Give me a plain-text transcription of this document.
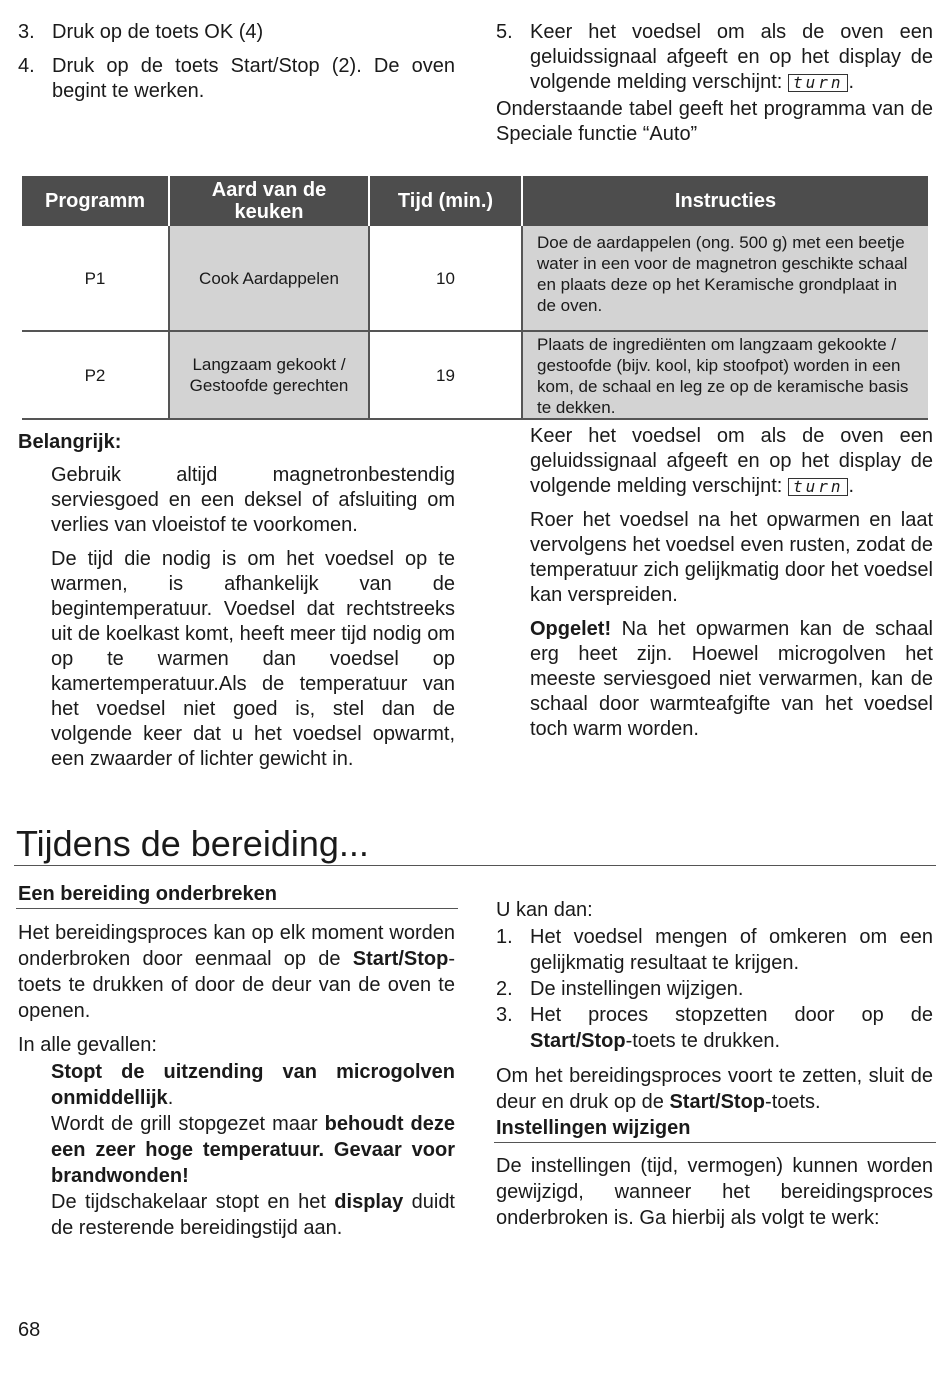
3. Druk op de toets OK (4)
4. Druk op de toets Start/Stop (2). De oven begint te werken.
5. Keer het voedsel om als de oven een geluidssignaal afgeeft en op het display de volgende melding verschijnt: turn .

Onderstaande tabel geeft het programma van de Speciale functie “Auto”

Programm	Aard van de keuken	Tijd (min.)	Instructies
P1	Cook Aardappelen	10	Doe de aardappelen (ong. 500 g) met een beetje water in een voor de magnetron geschikte schaal en plaats deze op het Keramische grondplaat in de oven.
P2	Langzaam gekookt / Gestoofde gerechten	19	Plaats de ingrediënten om langzaam gekookte / gestoofde (bijv. kool, kip stoofpot) worden in een kom, de schaal en leg ze op de keramische basis te dekken.

Belangrijk:

Gebruik altijd magnetronbestendig serviesgoed en een deksel of afsluiting om verlies van vloeistof te voorkomen.

De tijd die nodig is om het voedsel op te warmen, is afhankelijk van de begintemperatuur. Voedsel dat rechtstreeks uit de koelkast komt, heeft meer tijd nodig om op te warmen dan voedsel op kamertemperatuur.Als de temperatuur van het voedsel niet goed is, stel dan de volgende keer dat u het voedsel opwarmt, een zwaarder of lichter gewicht in.

Keer het voedsel om als de oven een geluidssignaal afgeeft en op het display de volgende melding verschijnt: turn .

Roer het voedsel na het opwarmen en laat vervolgens het voedsel even rusten, zodat de temperatuur zich gelijkmatig door het voedsel kan verspreiden.

Opgelet! Na het opwarmen kan de schaal erg heet zijn. Hoewel microgolven het meeste serviesgoed niet verwarmen, kan de schaal door warmteafgifte van het voedsel toch warm worden.

Tijdens de bereiding...

Een bereiding onderbreken

Het bereidingsproces kan op elk moment worden onderbroken door eenmaal op de Start/Stop-toets te drukken of door de deur van de oven te openen.

In alle gevallen:

Stopt de uitzending van microgolven onmiddellijk.

Wordt de grill stopgezet maar behoudt deze een zeer hoge temperatuur. Gevaar voor brandwonden!

De tijdschakelaar stopt en het display duidt de resterende bereidingstijd aan.

U kan dan:

1. Het voedsel mengen of omkeren om een gelijkmatig resultaat te krijgen.
2. De instellingen wijzigen.
3. Het proces stopzetten door op de Start/Stop-toets te drukken.

Om het bereidingsproces voort te zetten, sluit de deur en druk op de Start/Stop-toets.

Instellingen wijzigen

De instellingen (tijd, vermogen) kunnen worden gewijzigd, wanneer het bereidingsproces onderbroken is. Ga hierbij als volgt te werk:

68
